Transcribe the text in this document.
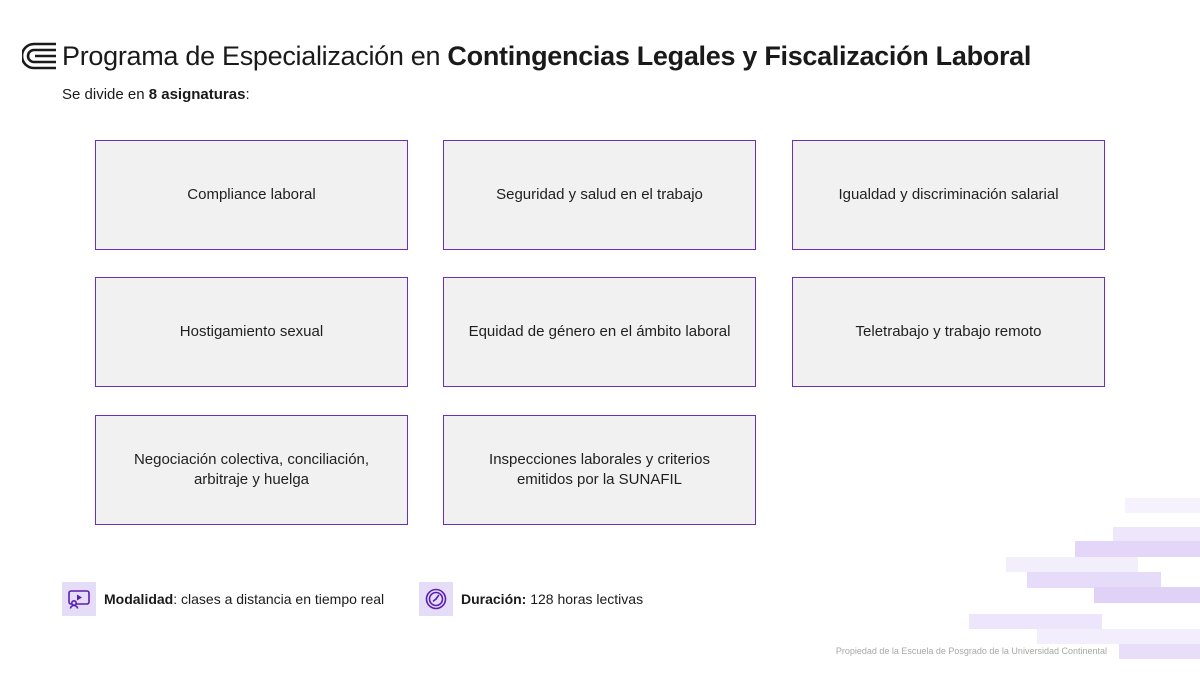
Programa de Especialización en Contingencias Legales y Fiscalización Laboral
Se divide en 8 asignaturas:
Compliance laboral	Seguridad y salud en el trabajo	Igualdad y discriminación salarial
Hostigamiento sexual	Equidad de género en el ámbito laboral	Teletrabajo y trabajo remoto
Negociación colectiva, conciliación, arbitraje y huelga
Inspecciones laborales y criterios emitidos por la SUNAFIL
Modalidad: clases a distancia en tiempo real	Duración: 128 horas lectivas
Propiedad de la Escuela de Posgrado de la Universidad Continental
